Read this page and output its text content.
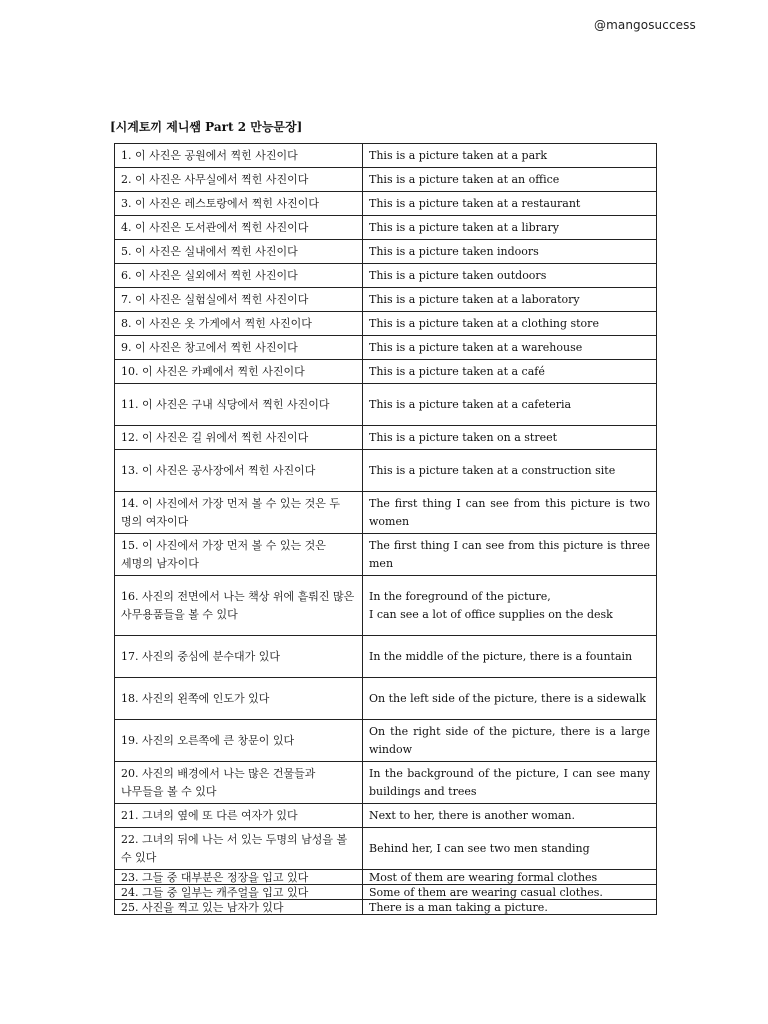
@mangosuccess
[시계토끼 제니쌤 Part 2 만능문장]
1. 이 사진은 공원에서 찍힌 사진이다	This is a picture taken at a park
2. 이 사진은 사무실에서 찍힌 사진이다	This is a picture taken at an office
3. 이 사진은 레스토랑에서 찍힌 사진이다	This is a picture taken at a restaurant
4. 이 사진은 도서관에서 찍힌 사진이다	This is a picture taken at a library
5. 이 사진은 실내에서 찍힌 사진이다	This is a picture taken indoors
6. 이 사진은 실외에서 찍힌 사진이다	This is a picture taken outdoors
7. 이 사진은 실험실에서 찍힌 사진이다	This is a picture taken at a laboratory
8. 이 사진은 옷 가게에서 찍힌 사진이다	This is a picture taken at a clothing store
9. 이 사진은 창고에서 찍힌 사진이다	This is a picture taken at a warehouse
10. 이 사진은 카페에서 찍힌 사진이다	This is a picture taken at a café
11. 이 사진은 구내 식당에서 찍힌 사진이다	This is a picture taken at a cafeteria
12. 이 사진은 길 위에서 찍힌 사진이다	This is a picture taken on a street
13. 이 사진은 공사장에서 찍힌 사진이다	This is a picture taken at a construction site
14. 이 사진에서 가장 먼저 볼 수 있는 것은 두 명의 여자이다	The first thing I can see from this picture is two women
15. 이 사진에서 가장 먼저 볼 수 있는 것은 세명의 남자이다	The first thing I can see from this picture is three men
16. 사진의 전면에서 나는 책상 위에 흩뤄진 많은 사무용품들을 볼 수 있다	In the foreground of the picture,
I can see a lot of office supplies on the desk
17. 사진의 중심에 분수대가 있다	In the middle of the picture, there is a fountain
18. 사진의 왼쪽에 인도가 있다	On the left side of the picture, there is a sidewalk
19. 사진의 오른쪽에 큰 창문이 있다	On the right side of the picture, there is a large window
20. 사진의 배경에서 나는 많은 건물들과 나무들을 볼 수 있다	In the background of the picture, I can see many buildings and trees
21. 그녀의 옆에 또 다른 여자가 있다	Next to her, there is another woman.
22. 그녀의 뒤에 나는 서 있는 두명의 남성을 볼 수 있다	Behind her, I can see two men standing
23. 그들 중 대부분은 정장을 입고 있다	Most of them are wearing formal clothes
24. 그들 중 일부는 캐주얼을 입고 있다	Some of them are wearing casual clothes.
25. 사진을 찍고 있는 남자가 있다	There is a man taking a picture.
